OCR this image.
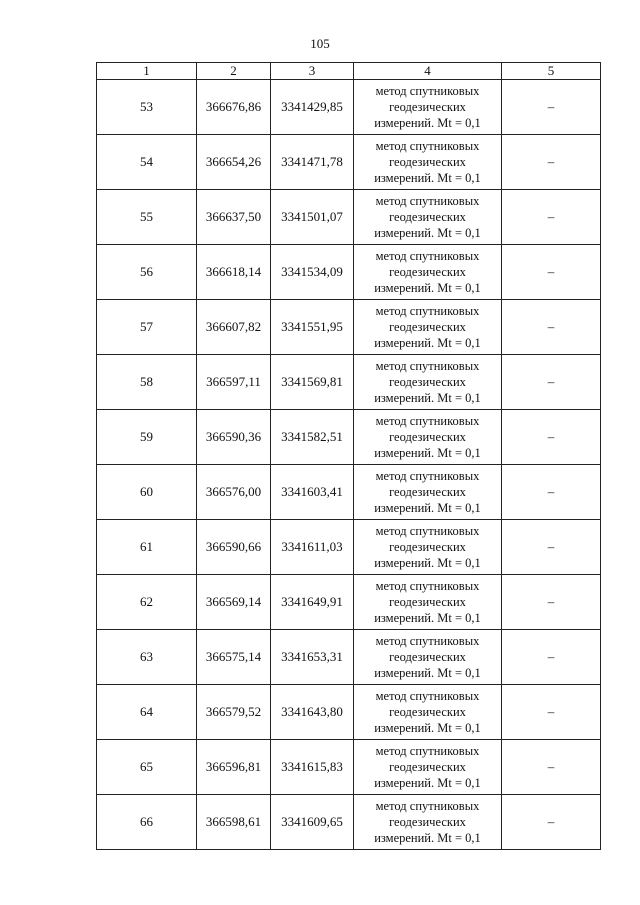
105
1	2	3	4	5
53	366676,86	3341429,85	метод спутниковых
геодезических
измерений. Mt = 0,1	–
54	366654,26	3341471,78	метод спутниковых
геодезических
измерений. Mt = 0,1	–
55	366637,50	3341501,07	метод спутниковых
геодезических
измерений. Mt = 0,1	–
56	366618,14	3341534,09	метод спутниковых
геодезических
измерений. Mt = 0,1	–
57	366607,82	3341551,95	метод спутниковых
геодезических
измерений. Mt = 0,1	–
58	366597,11	3341569,81	метод спутниковых
геодезических
измерений. Mt = 0,1	–
59	366590,36	3341582,51	метод спутниковых
геодезических
измерений. Mt = 0,1	–
60	366576,00	3341603,41	метод спутниковых
геодезических
измерений. Mt = 0,1	–
61	366590,66	3341611,03	метод спутниковых
геодезических
измерений. Mt = 0,1	–
62	366569,14	3341649,91	метод спутниковых
геодезических
измерений. Mt = 0,1	–
63	366575,14	3341653,31	метод спутниковых
геодезических
измерений. Mt = 0,1	–
64	366579,52	3341643,80	метод спутниковых
геодезических
измерений. Mt = 0,1	–
65	366596,81	3341615,83	метод спутниковых
геодезических
измерений. Mt = 0,1	–
66	366598,61	3341609,65	метод спутниковых
геодезических
измерений. Mt = 0,1	–
